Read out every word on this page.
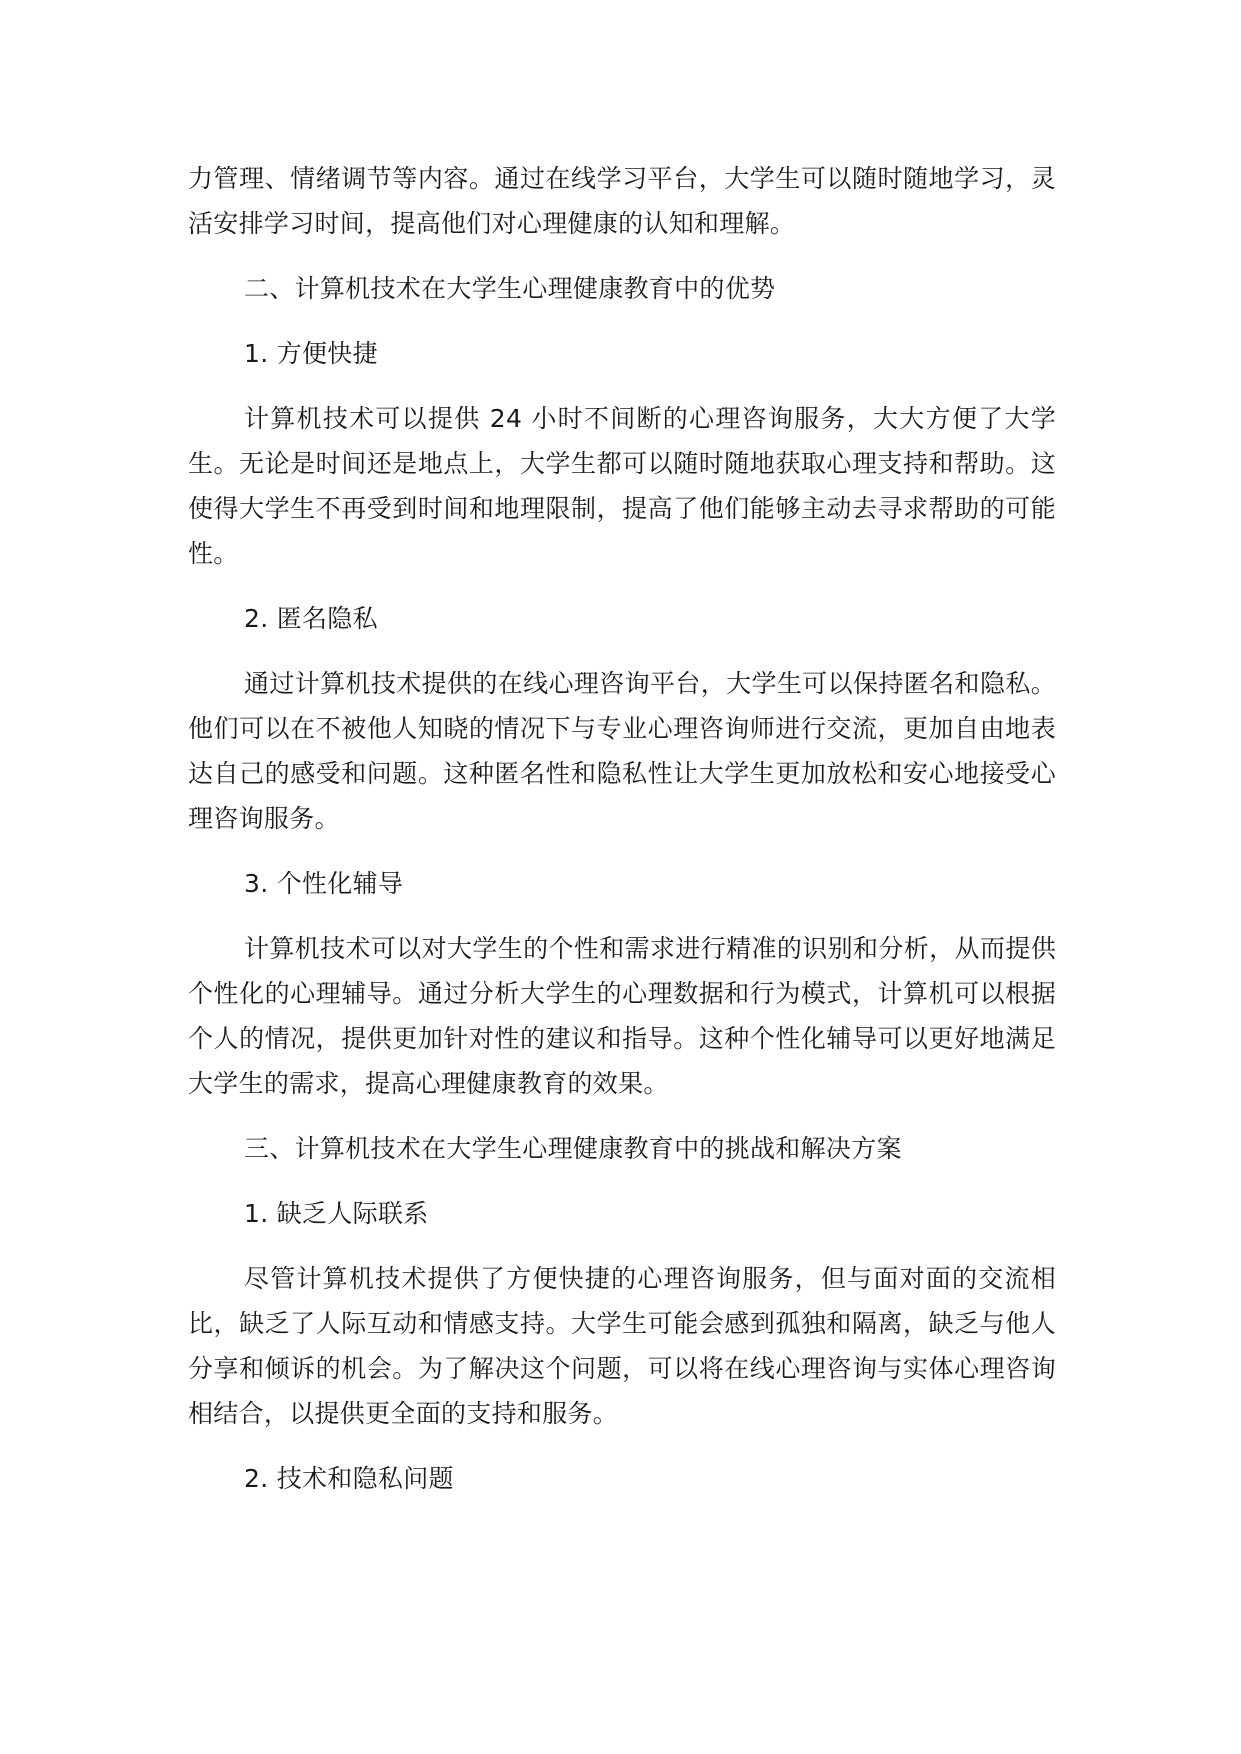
力管理、情绪调节等内容。通过在线学习平台，大学生可以随时随地学习，灵活安排学习时间，提高他们对心理健康的认知和理解。

二、计算机技术在大学生心理健康教育中的优势

1. 方便快捷

计算机技术可以提供 24 小时不间断的心理咨询服务，大大方便了大学生。无论是时间还是地点上，大学生都可以随时随地获取心理支持和帮助。这使得大学生不再受到时间和地理限制，提高了他们能够主动去寻求帮助的可能性。

2. 匿名隐私

通过计算机技术提供的在线心理咨询平台，大学生可以保持匿名和隐私。他们可以在不被他人知晓的情况下与专业心理咨询师进行交流，更加自由地表达自己的感受和问题。这种匿名性和隐私性让大学生更加放松和安心地接受心理咨询服务。

3. 个性化辅导

计算机技术可以对大学生的个性和需求进行精准的识别和分析，从而提供个性化的心理辅导。通过分析大学生的心理数据和行为模式，计算机可以根据个人的情况，提供更加针对性的建议和指导。这种个性化辅导可以更好地满足大学生的需求，提高心理健康教育的效果。

三、计算机技术在大学生心理健康教育中的挑战和解决方案

1. 缺乏人际联系

尽管计算机技术提供了方便快捷的心理咨询服务，但与面对面的交流相比，缺乏了人际互动和情感支持。大学生可能会感到孤独和隔离，缺乏与他人分享和倾诉的机会。为了解决这个问题，可以将在线心理咨询与实体心理咨询相结合，以提供更全面的支持和服务。

2. 技术和隐私问题
